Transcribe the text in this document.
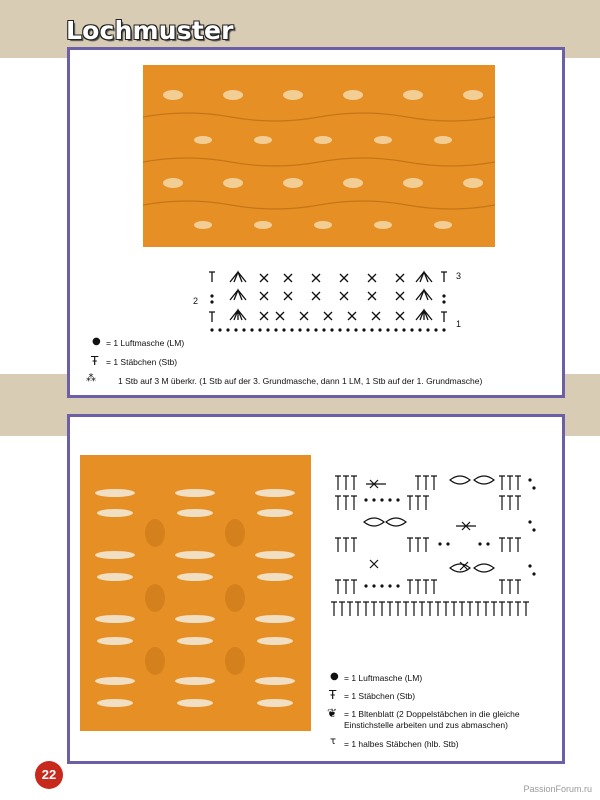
Lochmuster
3
2
1
● = 1 Luftmasche (LM)
Ŧ = 1 Stäbchen (Stb)
⁂	1 Stb auf 3 M überkr. (1 Stb auf der 3. Grundmasche, dann 1 LM, 1 Stb auf der 1. Grundmasche)
● = 1 Luftmasche (LM)
Ŧ = 1 Stäbchen (Stb)
❦ = 1 Bltenblatt (2 Doppelstäbchen in die gleiche Einstichstelle arbeiten und zus abmaschen)
τ = 1 halbes Stäbchen (hlb. Stb)
22
PassionForum.ru
